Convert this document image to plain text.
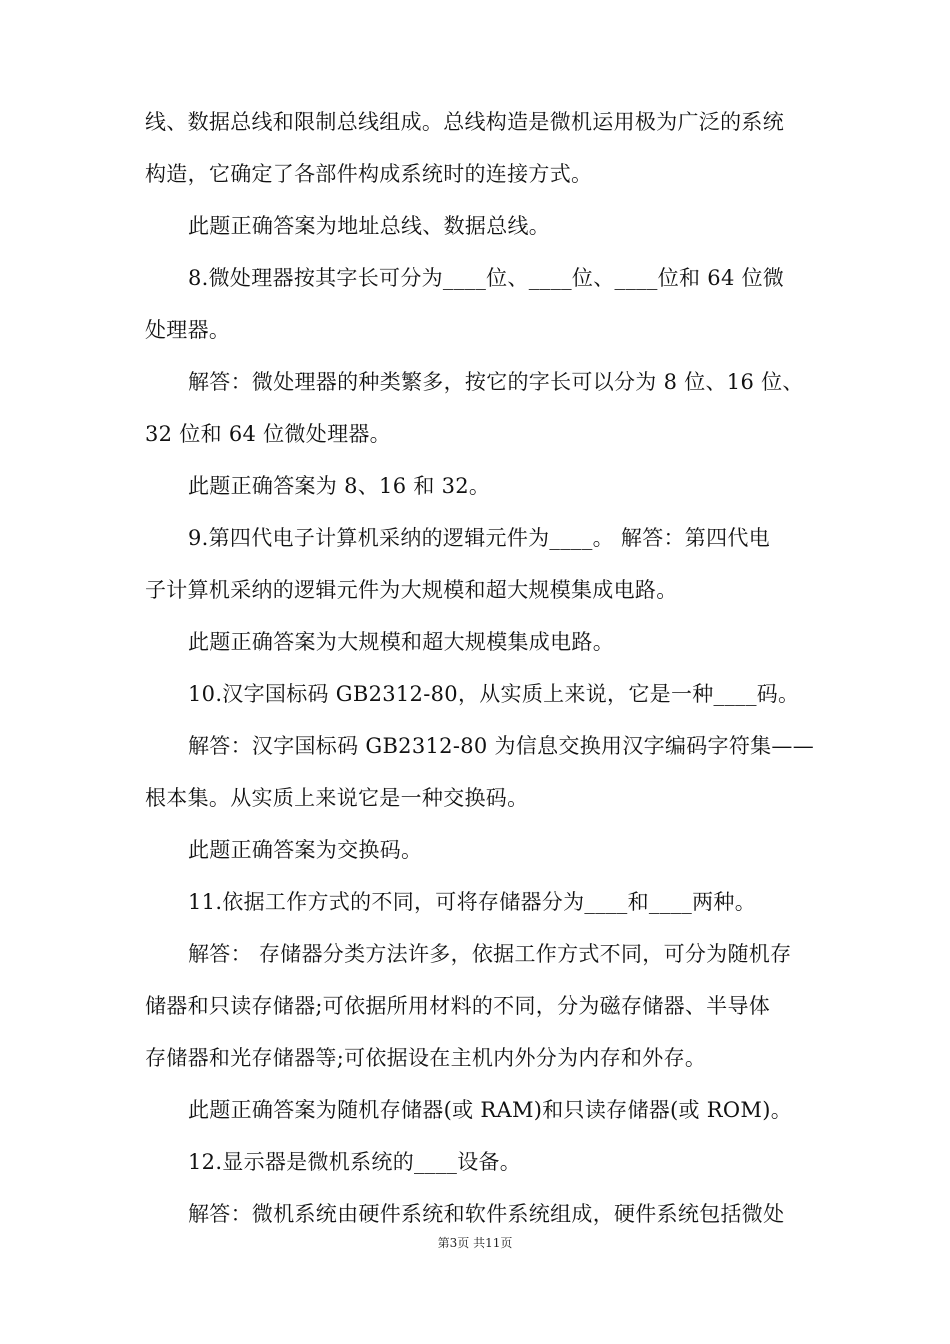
线、数据总线和限制总线组成。总线构造是微机运用极为广泛的系统
构造，它确定了各部件构成系统时的连接方式。
此题正确答案为地址总线、数据总线。
8.微处理器按其字长可分为____位、____位、____位和 64 位微
处理器。
解答：微处理器的种类繁多，按它的字长可以分为 8 位、16 位、
32 位和 64 位微处理器。
此题正确答案为 8、16 和 32。
9.第四代电子计算机采纳的逻辑元件为____。 解答：第四代电
子计算机采纳的逻辑元件为大规模和超大规模集成电路。
此题正确答案为大规模和超大规模集成电路。
10.汉字国标码 GB2312-80，从实质上来说，它是一种____码。
解答：汉字国标码 GB2312-80 为信息交换用汉字编码字符集——
根本集。从实质上来说它是一种交换码。
此题正确答案为交换码。
11.依据工作方式的不同，可将存储器分为____和____两种。
解答： 存储器分类方法许多，依据工作方式不同，可分为随机存
储器和只读存储器;可依据所用材料的不同，分为磁存储器、半导体
存储器和光存储器等;可依据设在主机内外分为内存和外存。
此题正确答案为随机存储器(或 RAM)和只读存储器(或 ROM)。
12.显示器是微机系统的____设备。
解答：微机系统由硬件系统和软件系统组成，硬件系统包括微处
第3页 共11页
